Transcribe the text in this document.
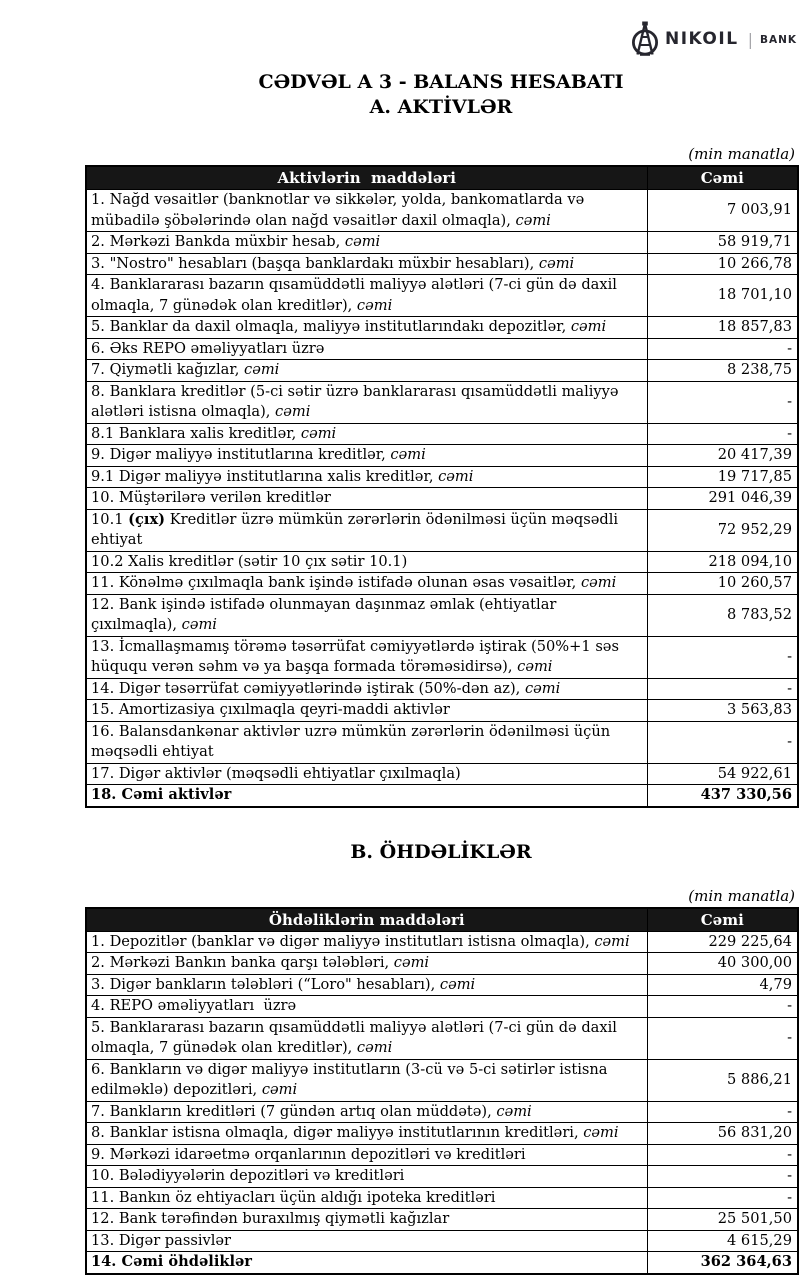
NIKOIL | BANK
CƏDVƏL A 3 - BALANS HESABATI
A. AKTİVLƏR
(min manatla)
Aktivlərin  maddələri	Cəmi
1. Nağd vəsaitlər (banknotlar və sikkələr, yolda, bankomatlarda və mübadilə şöbələrində olan nağd vəsaitlər daxil olmaqla), cəmi	7 003,91
2. Mərkəzi Bankda müxbir hesab, cəmi	58 919,71
3. "Nostro" hesabları (başqa banklardakı müxbir hesabları), cəmi	10 266,78
4. Banklararası bazarın qısamüddətli maliyyə alətləri (7-ci gün də daxil olmaqla, 7 günədək olan kreditlər), cəmi	18 701,10
5. Banklar da daxil olmaqla, maliyyə institutlarındakı depozitlər, cəmi	18 857,83
6. Əks REPO əməliyyatları üzrə	-
7. Qiymətli kağızlar, cəmi	8 238,75
8. Banklara kreditlər (5-ci sətir üzrə banklararası qısamüddətli maliyyə alətləri istisna olmaqla), cəmi	-
8.1 Banklara xalis kreditlər, cəmi	-
9. Digər maliyyə institutlarına kreditlər, cəmi	20 417,39
9.1 Digər maliyyə institutlarına xalis kreditlər, cəmi	19 717,85
10. Müştərilərə verilən kreditlər	291 046,39
10.1 (çıx) Kreditlər üzrə mümkün zərərlərin ödənilməsi üçün məqsədli ehtiyat	72 952,29
10.2 Xalis kreditlər (sətir 10 çıx sətir 10.1)	218 094,10
11. Könəlmə çıxılmaqla bank işində istifadə olunan əsas vəsaitlər, cəmi	10 260,57
12. Bank işində istifadə olunmayan daşınmaz əmlak (ehtiyatlar çıxılmaqla), cəmi	8 783,52
13. İcmallaşmamış törəmə təsərrüfat cəmiyyətlərdə iştirak (50%+1 səs hüququ verən səhm və ya başqa formada törəməsidirsə), cəmi	-
14. Digər təsərrüfat cəmiyyətlərində iştirak (50%-dən az), cəmi	-
15. Amortizasiya çıxılmaqla qeyri-maddi aktivlər	3 563,83
16. Balansdankənar aktivlər uzrə mümkün zərərlərin ödənilməsi üçün məqsədli ehtiyat	-
17. Digər aktivlər (məqsədli ehtiyatlar çıxılmaqla)	54 922,61
18. Cəmi aktivlər	437 330,56
B. ÖHDƏLİKLƏR
(min manatla)
Öhdəliklərin maddələri	Cəmi
1. Depozitlər (banklar və digər maliyyə institutları istisna olmaqla), cəmi	229 225,64
2. Mərkəzi Bankın banka qarşı tələbləri, cəmi	40 300,00
3. Digər bankların tələbləri (“Loro" hesabları), cəmi	4,79
4. REPO əməliyyatları  üzrə	-
5. Banklararası bazarın qısamüddətli maliyyə alətləri (7-ci gün də daxil olmaqla, 7 günədək olan kreditlər), cəmi	-
6. Bankların və digər maliyyə institutların (3-cü və 5-ci sətirlər istisna edilməklə) depozitləri, cəmi	5 886,21
7. Bankların kreditləri (7 gündən artıq olan müddətə), cəmi	-
8. Banklar istisna olmaqla, digər maliyyə institutlarının kreditləri, cəmi	56 831,20
9. Mərkəzi idarəetmə orqanlarının depozitləri və kreditləri	-
10. Bələdiyyələrin depozitləri və kreditləri	-
11. Bankın öz ehtiyacları üçün aldığı ipoteka kreditləri	-
12. Bank tərəfindən buraxılmış qiymətli kağızlar	25 501,50
13. Digər passivlər	4 615,29
14. Cəmi öhdəliklər	362 364,63
